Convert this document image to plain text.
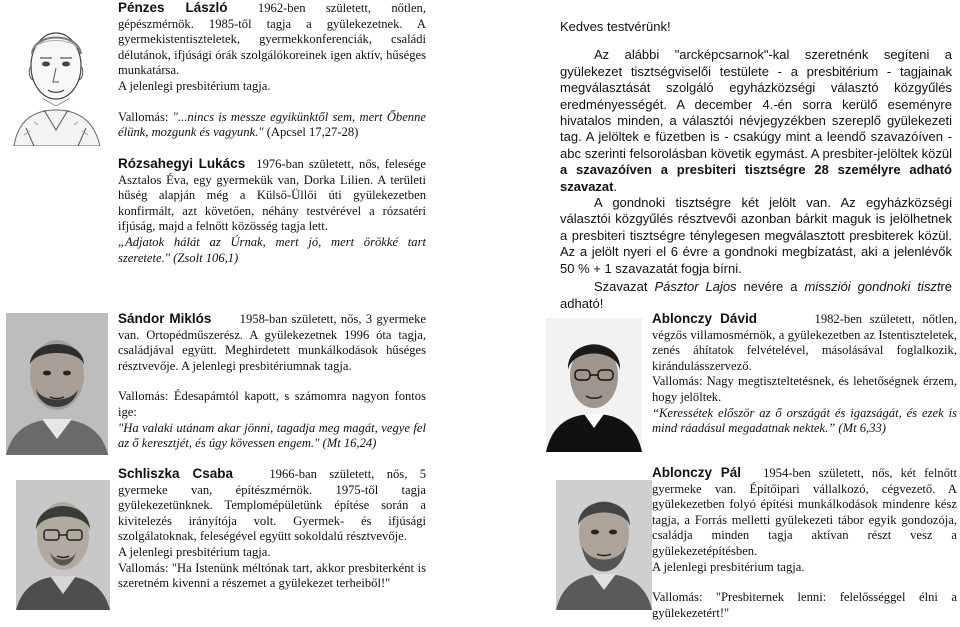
Pénzes László 1962-ben született, nőtlen, gépészmérnök. 1985-től tagja a gyülekezetnek. A gyermekistentiszteletek, gyermekkonferenciák, családi délutánok, ifjúsági órák szolgálókoreinek igen aktív, hűséges munkatársa.

A jelenlegi presbitérium tagja.

Vallomás: "...nincs is messze egyikünktől sem, mert Őbenne élünk, mozgunk és vagyunk." (Apcsel 17,27-28)

Rózsahegyi Lukács 1976-ban született, nős, felesége Asztalos Éva, egy gyermekük van, Dorka Lilien. A területi hűség alapján még a Külső-Üllői úti gyülekezetben konfirmált, azt követően, néhány testvérével a rózsatéri ifjúság, majd a felnőtt közösség tagja lett.

„Adjatok hálát az Úrnak, mert jó, mert örökké tart szeretete." (Zsolt 106,1)

Sándor Miklós 1958-ban született, nős, 3 gyermeke van. Ortopédműszerész. A gyülekezetnek 1996 óta tagja, családjával együtt. Meghirdetett munkálkodások hűséges résztvevője. A jelenlegi presbitériumnak tagja.

Vallomás: Édesapámtól kapott, s számomra nagyon fontos ige:

"Ha valaki utánam akar jönni, tagadja meg magát, vegye fel az ő keresztjét, és úgy kövessen engem." (Mt 16,24)

Schliszka Csaba	1966-ban született, nős, 5 gyermeke van, építészmérnök. 1975-től tagja gyülekezetünknek. Templomépületünk építése során a kivitelezés irányítója volt. Gyermek- és ifjúsági szolgálatoknak, feleségével együtt sokoldalú résztvevője.

A jelenlegi presbitérium tagja.

Vallomás: "Ha Istenünk méltónak tart, akkor presbiterként is szeretném kivenni a részemet a gyülekezet terheiből!"

Kedves testvérünk!

Az alábbi "arcképcsarnok"-kal szeretnénk segíteni a gyülekezet tisztségviselői testülete - a presbitérium - tagjainak megválasztását szolgáló egyházközségi választó közgyűlés eredményességét. A december 4.-én sorra kerülő eseményre hivatalos minden, a választói névjegyzékben szereplő gyülekezeti tag. A jelöltek e füzetben is - csakúgy mint a leendő szavazóíven - abc szerinti felsorolásban követik egymást. A presbiter-jelöltek közül a szavazóíven a presbiteri tisztségre 28 személyre adható szavazat.

A gondnoki tisztségre két jelölt van. Az egyházközségi választói közgyűlés résztvevői azonban bárkit maguk is jelölhetnek a presbiteri tisztségre ténylegesen megválasztott presbiterek közül. Az a jelölt nyeri el 6 évre a gondnoki megbízatást, aki a jelenlévők 50 % + 1 szavazatát fogja bírni.

Szavazat Pásztor Lajos nevére a missziói gondnoki tisztre adható!

Ablonczy Dávid	1982-ben született, nőtlen, végzős villamosmérnök, a gyülekezetben az Istentiszteletek, zenés áhítatok felvételével, másolásával foglalkozik, kirándulásszervező.

Vallomás: Nagy megtiszteltetésnek, és lehetőségnek érzem, hogy jelöltek.

“Keressétek először az ő országát és igazságát, és ezek is mind ráadásul megadatnak nektek.” (Mt 6,33)

Ablonczy Pál 1954-ben született, nős, két felnőtt gyermeke van. Építőipari vállalkozó, cégvezető. A gyülekezetben folyó építési munkálkodások mindenre kész tagja, a Forrás melletti gyülekezeti tábor egyik gondozója, családja minden tagja aktívan részt vesz a gyülekezetépítésben.

A jelenlegi presbitérium tagja.

Vallomás: "Presbiternek lenni: felelősséggel élni a gyülekezetért!"
